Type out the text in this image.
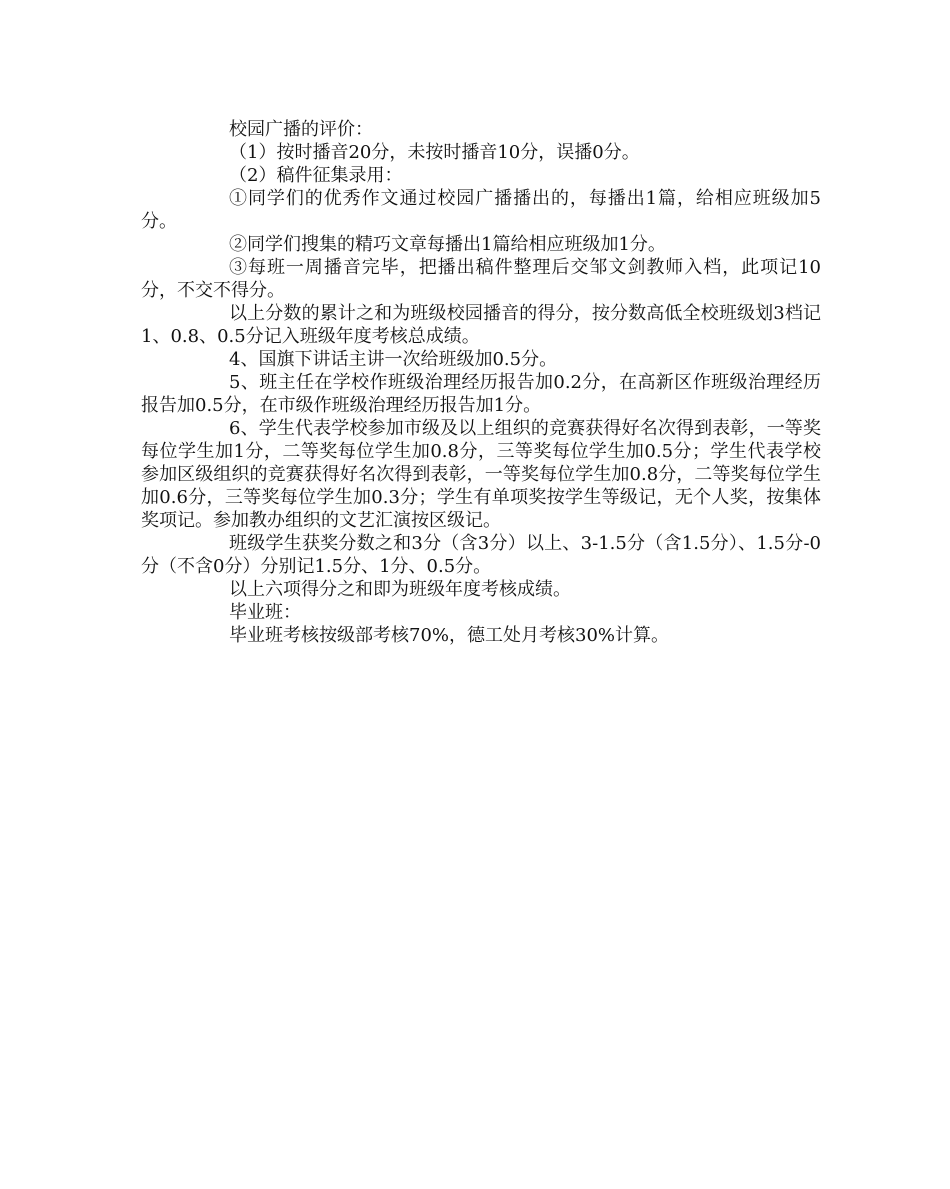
校园广播的评价：

（1）按时播音20分，未按时播音10分，误播0分。

（2）稿件征集录用：

①同学们的优秀作文通过校园广播播出的，每播出1篇，给相应班级加5分。

②同学们搜集的精巧文章每播出1篇给相应班级加1分。

③每班一周播音完毕，把播出稿件整理后交邹文剑教师入档，此项记10分，不交不得分。

以上分数的累计之和为班级校园播音的得分，按分数高低全校班级划3档记1、0.8、0.5分记入班级年度考核总成绩。

4、国旗下讲话主讲一次给班级加0.5分。

5、班主任在学校作班级治理经历报告加0.2分，在高新区作班级治理经历报告加0.5分，在市级作班级治理经历报告加1分。

6、学生代表学校参加市级及以上组织的竞赛获得好名次得到表彰，一等奖每位学生加1分，二等奖每位学生加0.8分，三等奖每位学生加0.5分；学生代表学校参加区级组织的竞赛获得好名次得到表彰，一等奖每位学生加0.8分，二等奖每位学生加0.6分，三等奖每位学生加0.3分；学生有单项奖按学生等级记，无个人奖，按集体奖项记。参加教办组织的文艺汇演按区级记。

班级学生获奖分数之和3分（含3分）以上、3-1.5分（含1.5分）、1.5分-0分（不含0分）分别记1.5分、1分、0.5分。

以上六项得分之和即为班级年度考核成绩。

毕业班：

毕业班考核按级部考核70%，德工处月考核30%计算。
